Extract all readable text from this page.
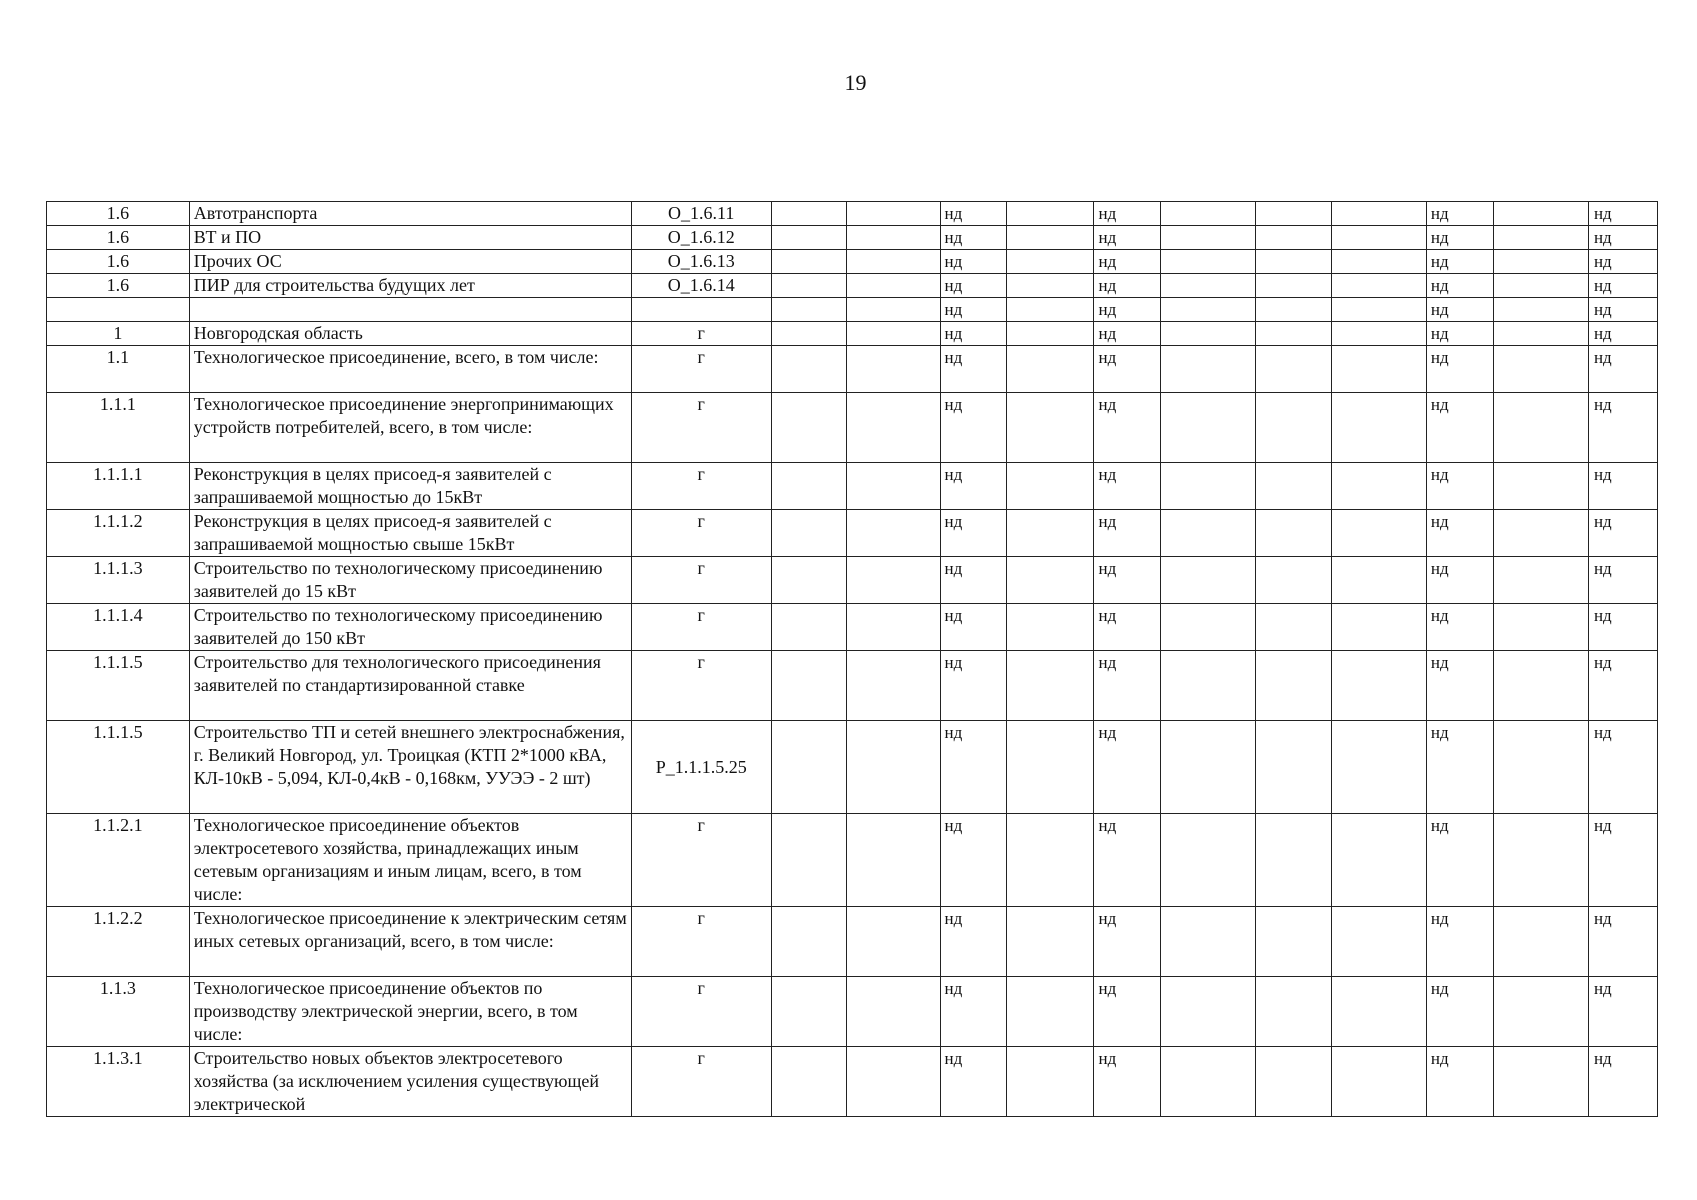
19
1.6	Автотранспорта	О_1.6.11			нд		нд				нд		нд
1.6	ВТ и ПО	О_1.6.12			нд		нд				нд		нд
1.6	Прочих ОС	О_1.6.13			нд		нд				нд		нд
1.6	ПИР для строительства будущих лет	О_1.6.14			нд		нд				нд		нд
					нд		нд				нд		нд
1	Новгородская область	г			нд		нд				нд		нд
1.1	Технологическое присоединение, всего, в том числе:	г			нд		нд				нд		нд
1.1.1	Технологическое присоединение энергопринимающих устройств потребителей, всего, в том числе:	г			нд		нд				нд		нд
1.1.1.1	Реконструкция в целях присоед-я заявителей с запрашиваемой мощностью до 15кВт	г			нд		нд				нд		нд
1.1.1.2	Реконструкция в целях присоед-я заявителей с запрашиваемой мощностью свыше 15кВт	г			нд		нд				нд		нд
1.1.1.3	Строительство по технологическому присоединению заявителей до 15 кВт	г			нд		нд				нд		нд
1.1.1.4	Строительство по технологическому присоединению заявителей до 150 кВт	г			нд		нд				нд		нд
1.1.1.5	Строительство для технологического присоединения заявителей по стандартизированной ставке	г			нд		нд				нд		нд
1.1.1.5	Строительство ТП и сетей внешнего электроснабжения, г. Великий Новгород, ул. Троицкая (КТП 2*1000 кВА, КЛ-10кВ - 5,094, КЛ-0,4кВ - 0,168км, УУЭЭ - 2 шт)	Р_1.1.1.5.25			нд		нд				нд		нд
1.1.2.1	Технологическое присоединение объектов электросетевого хозяйства, принадлежащих иным сетевым организациям и иным лицам, всего, в том числе:	г			нд		нд				нд		нд
1.1.2.2	Технологическое присоединение к электрическим сетям иных сетевых организаций, всего, в том числе:	г			нд		нд				нд		нд
1.1.3	Технологическое присоединение объектов по производству электрической энергии, всего, в том числе:	г			нд		нд				нд		нд
1.1.3.1	Строительство новых объектов электросетевого хозяйства (за исключением усиления существующей электрической	г			нд		нд				нд		нд
